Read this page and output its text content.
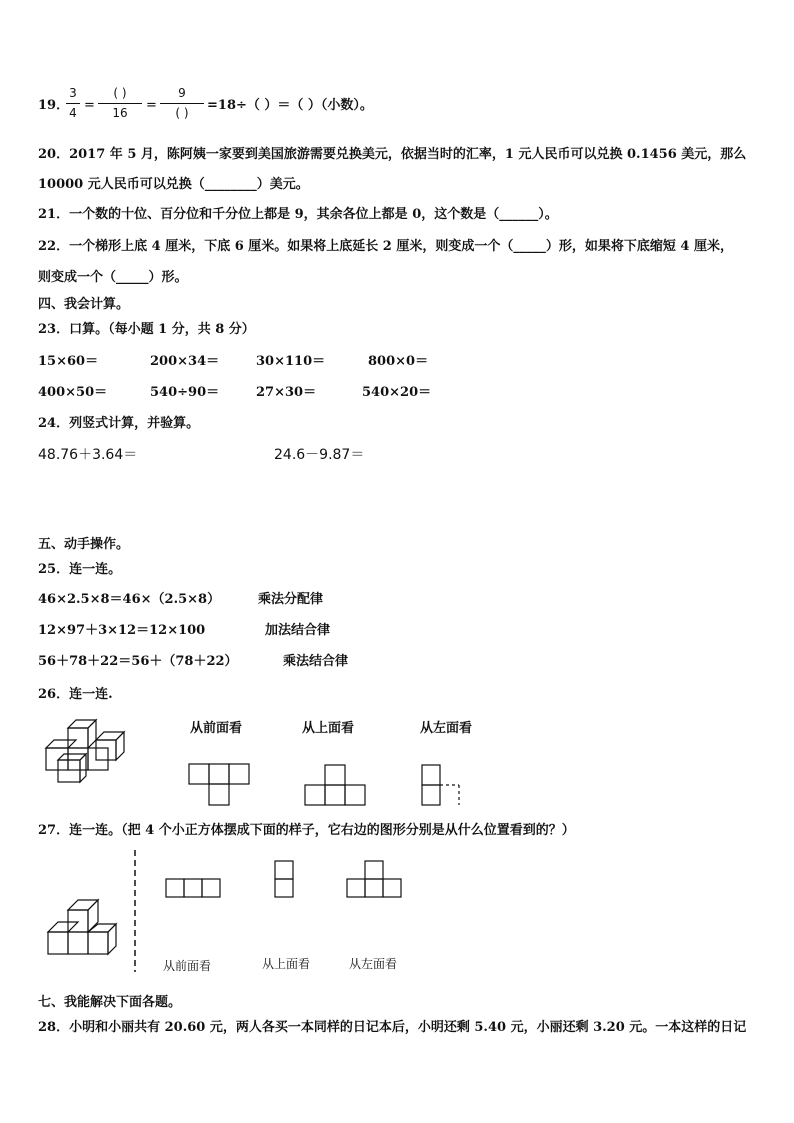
19．
3
4 =
( )
16	=
9
( )	=18÷（ ）＝（ ）（小数）。
20．2017 年 5 月，陈阿姨一家要到美国旅游需要兑换美元，依据当时的汇率，1 元人民币可以兑换 0.1456 美元，那么
10000 元人民币可以兑换（________）美元。
21．一个数的十位、百分位和千分位上都是 9，其余各位上都是 0，这个数是（______）。
22．一个梯形上底 4 厘米，下底 6 厘米。如果将上底延长 2 厘米，则变成一个（_____）形，如果将下底缩短 4 厘米，
则变成一个（_____）形。
四、我会计算。
23．口算。（每小题 1 分，共 8 分）
15×60＝	200×34＝	30×110＝	800×0＝
400×50＝	540÷90＝	27×30＝	540×20＝
24．列竖式计算，并验算。
48.76＋3.64＝	24.6－9.87＝
五、动手操作。
25．连一连。
46×2.5×8＝46×（2.5×8）
12×97＋3×12＝12×100
56＋78＋22＝56＋（78＋22）
乘法分配律
加法结合律
乘法结合律
26．连一连.
从前面看	从上面看	从左面看
27．连一连。（把 4 个小正方体摆成下面的样子，它右边的图形分别是从什么位置看到的？）
从前面看	从上面看	从左面看
七、我能解决下面各题。
28．小明和小丽共有 20.60 元，两人各买一本同样的日记本后，小明还剩 5.40 元，小丽还剩 3.20 元。一本这样的日记
